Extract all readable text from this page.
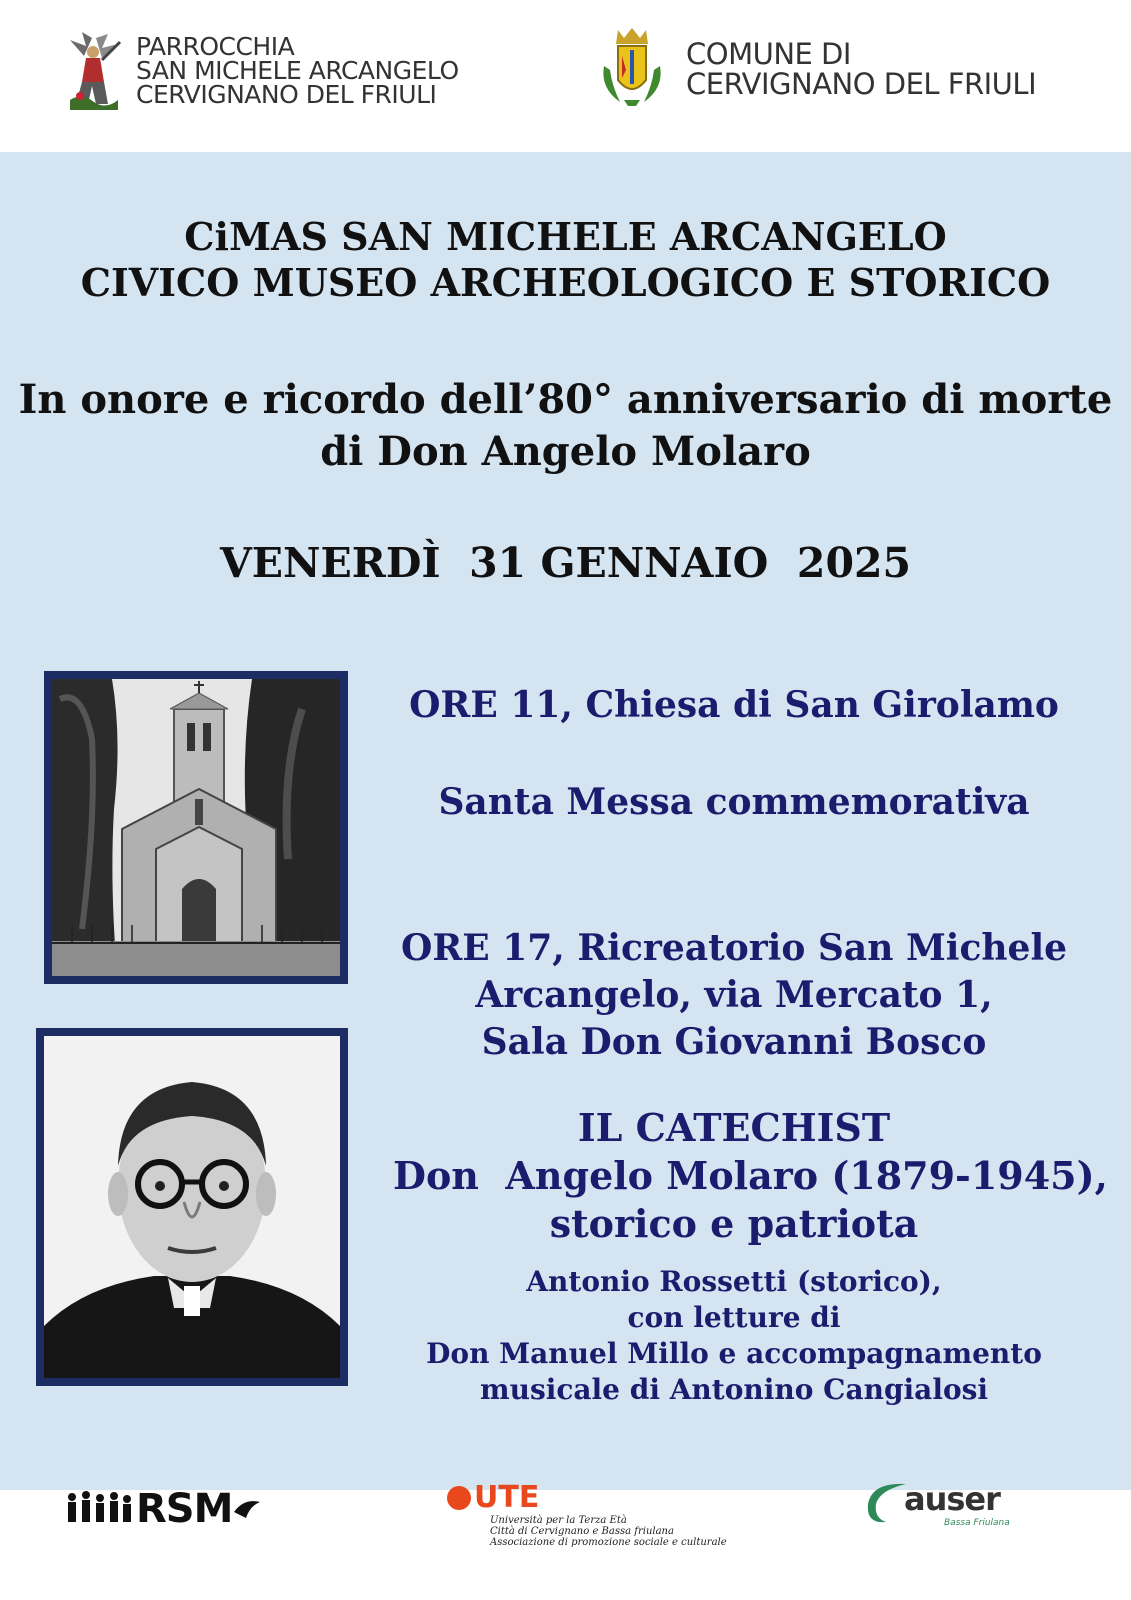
PARROCCHIA
SAN MICHELE ARCANGELO
CERVIGNANO DEL FRIULI
COMUNE DI
CERVIGNANO DEL FRIULI
CiMAS SAN MICHELE ARCANGELO
CIVICO MUSEO ARCHEOLOGICO E STORICO
In onore e ricordo dell’80° anniversario di morte
di Don Angelo Molaro
VENERDÌ  31 GENNAIO  2025
ORE 11, Chiesa di San Girolamo
Santa Messa commemorativa
ORE 17, Ricreatorio San Michele
Arcangelo, via Mercato 1,
Sala Don Giovanni Bosco
IL CATECHIST
Don  Angelo Molaro (1879-1945),
storico e patriota
Antonio Rossetti (storico),
con letture di
Don Manuel Millo e accompagnamento
musicale di Antonino Cangialosi
RSM	UTE
Università per la Terza Età
Città di Cervignano e Bassa friulana
Associazione di promozione sociale e culturale
auser
Bassa Friulana
